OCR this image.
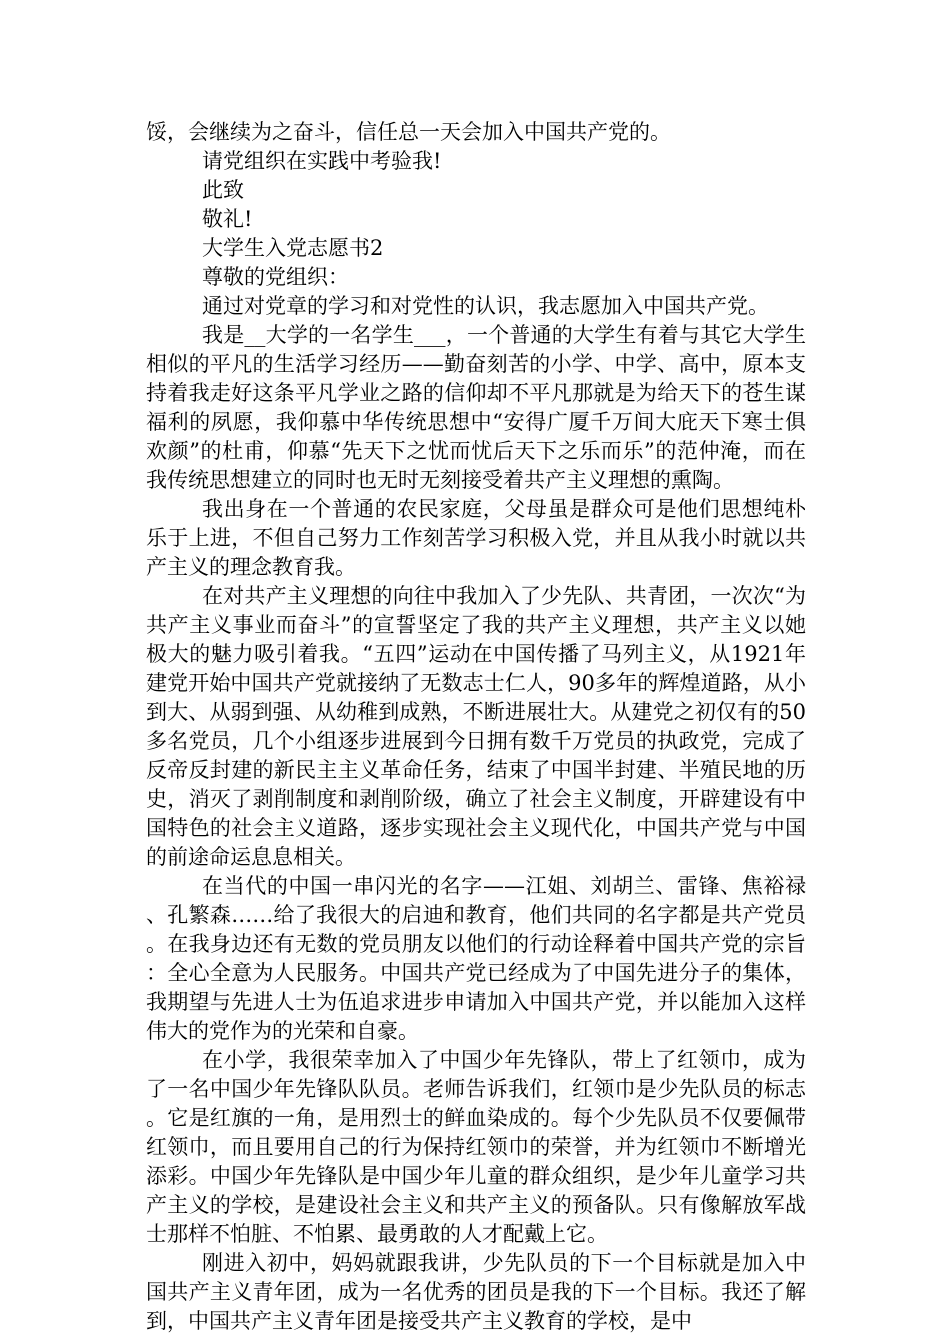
馁，会继续为之奋斗，信任总一天会加入中国共产党的。

请党组织在实践中考验我!

此致

敬礼!

大学生入党志愿书2

尊敬的党组织：

通过对党章的学习和对党性的认识，我志愿加入中国共产党。

我是__大学的一名学生___，一个普通的大学生有着与其它大学生相似的平凡的生活学习经历——勤奋刻苦的小学、中学、高中，原本支持着我走好这条平凡学业之路的信仰却不平凡那就是为给天下的苍生谋福利的夙愿，我仰慕中华传统思想中“安得广厦千万间大庇天下寒士俱欢颜”的杜甫，仰慕“先天下之忧而忧后天下之乐而乐”的范仲淹，而在我传统思想建立的同时也无时无刻接受着共产主义理想的熏陶。

我出身在一个普通的农民家庭，父母虽是群众可是他们思想纯朴乐于上进，不但自己努力工作刻苦学习积极入党，并且从我小时就以共产主义的理念教育我。

在对共产主义理想的向往中我加入了少先队、共青团，一次次“为共产主义事业而奋斗”的宣誓坚定了我的共产主义理想，共产主义以她极大的魅力吸引着我。“五四”运动在中国传播了马列主义，从1921年建党开始中国共产党就接纳了无数志士仁人，90多年的辉煌道路，从小到大、从弱到强、从幼稚到成熟，不断进展壮大。从建党之初仅有的50多名党员，几个小组逐步进展到今日拥有数千万党员的执政党，完成了反帝反封建的新民主主义革命任务，结束了中国半封建、半殖民地的历史，消灭了剥削制度和剥削阶级，确立了社会主义制度，开辟建设有中国特色的社会主义道路，逐步实现社会主义现代化，中国共产党与中国的前途命运息息相关。

在当代的中国一串闪光的名字——江姐、刘胡兰、雷锋、焦裕禄、孔繁森……给了我很大的启迪和教育，他们共同的名字都是共产党员。在我身边还有无数的党员朋友以他们的行动诠释着中国共产党的宗旨：全心全意为人民服务。中国共产党已经成为了中国先进分子的集体，我期望与先进人士为伍追求进步申请加入中国共产党，并以能加入这样伟大的党作为的光荣和自豪。

在小学，我很荣幸加入了中国少年先锋队，带上了红领巾，成为了一名中国少年先锋队队员。老师告诉我们，红领巾是少先队员的标志。它是红旗的一角，是用烈士的鲜血染成的。每个少先队员不仅要佩带红领巾，而且要用自己的行为保持红领巾的荣誉，并为红领巾不断增光添彩。中国少年先锋队是中国少年儿童的群众组织，是少年儿童学习共产主义的学校，是建设社会主义和共产主义的预备队。只有像解放军战士那样不怕脏、不怕累、最勇敢的人才配戴上它。

刚进入初中，妈妈就跟我讲，少先队员的下一个目标就是加入中国共产主义青年团，成为一名优秀的团员是我的下一个目标。我还了解到，中国共产主义青年团是接受共产主义教育的学校，是中
